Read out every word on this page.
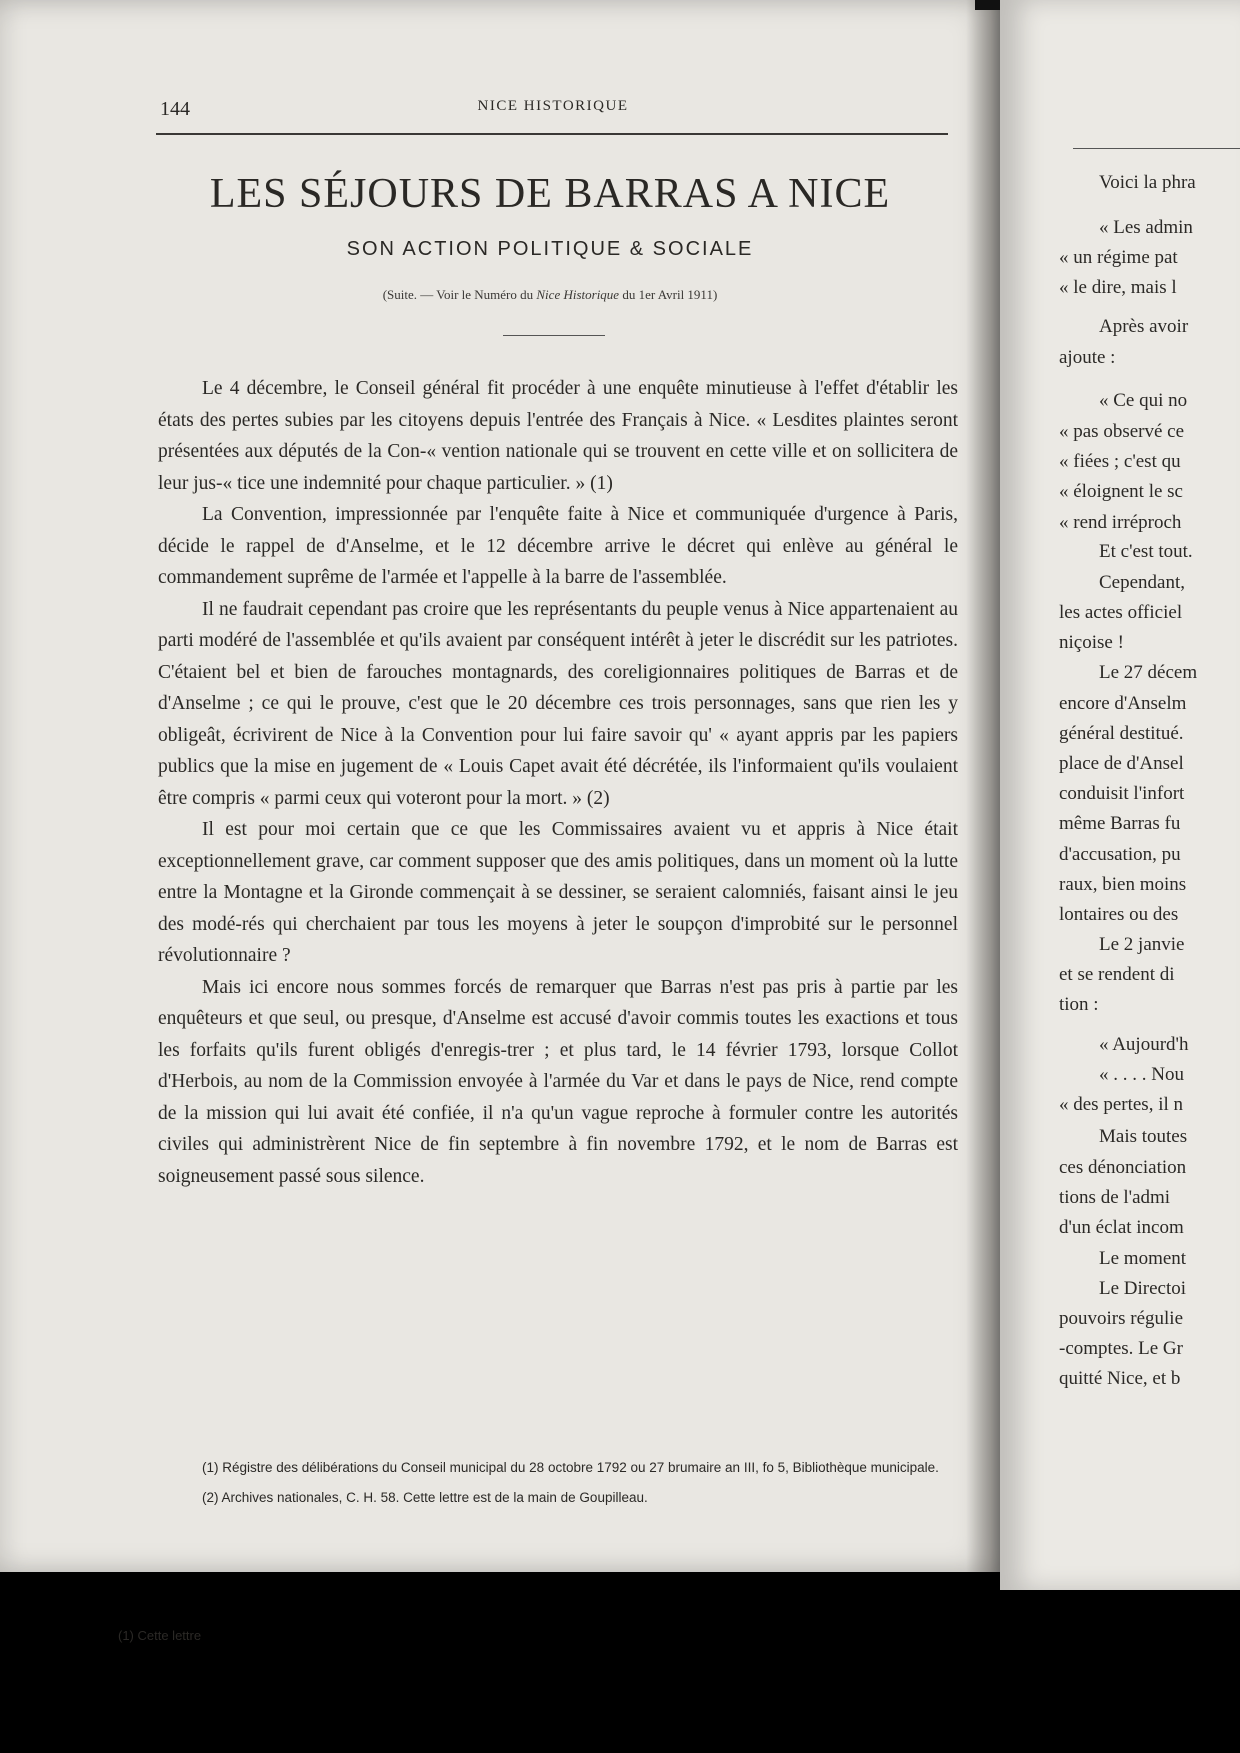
144	NICE HISTORIQUE
LES SÉJOURS DE BARRAS A NICE
SON ACTION POLITIQUE & SOCIALE
(Suite. — Voir le Numéro du Nice Historique du 1er Avril 1911)

Le 4 décembre, le Conseil général fit procéder à une enquête minutieuse à l'effet d'établir les états des pertes subies par les citoyens depuis l'entrée des Français à Nice. « Lesdites plaintes seront présentées aux députés de la Con-« vention nationale qui se trouvent en cette ville et on sollicitera de leur jus-« tice une indemnité pour chaque particulier. » (1)

La Convention, impressionnée par l'enquête faite à Nice et communiquée d'urgence à Paris, décide le rappel de d'Anselme, et le 12 décembre arrive le décret qui enlève au général le commandement suprême de l'armée et l'appelle à la barre de l'assemblée.

Il ne faudrait cependant pas croire que les représentants du peuple venus à Nice appartenaient au parti modéré de l'assemblée et qu'ils avaient par conséquent intérêt à jeter le discrédit sur les patriotes. C'étaient bel et bien de farouches montagnards, des coreligionnaires politiques de Barras et de d'Anselme ; ce qui le prouve, c'est que le 20 décembre ces trois personnages, sans que rien les y obligeât, écrivirent de Nice à la Convention pour lui faire savoir qu' « ayant appris par les papiers publics que la mise en jugement de « Louis Capet avait été décrétée, ils l'informaient qu'ils voulaient être compris « parmi ceux qui voteront pour la mort. » (2)

Il est pour moi certain que ce que les Commissaires avaient vu et appris à Nice était exceptionnellement grave, car comment supposer que des amis politiques, dans un moment où la lutte entre la Montagne et la Gironde commençait à se dessiner, se seraient calomniés, faisant ainsi le jeu des modé-rés qui cherchaient par tous les moyens à jeter le soupçon d'improbité sur le personnel révolutionnaire ?

Mais ici encore nous sommes forcés de remarquer que Barras n'est pas pris à partie par les enquêteurs et que seul, ou presque, d'Anselme est accusé d'avoir commis toutes les exactions et tous les forfaits qu'ils furent obligés d'enregis-trer ; et plus tard, le 14 février 1793, lorsque Collot d'Herbois, au nom de la Commission envoyée à l'armée du Var et dans le pays de Nice, rend compte de la mission qui lui avait été confiée, il n'a qu'un vague reproche à formuler contre les autorités civiles qui administrèrent Nice de fin septembre à fin novembre 1792, et le nom de Barras est soigneusement passé sous silence.

(1) Régistre des délibérations du Conseil municipal du 28 octobre 1792 ou 27 brumaire an III, fo 5, Bibliothèque municipale.

(2) Archives nationales, C. H. 58. Cette lettre est de la main de Goupilleau.

Voici la phra
« Les admin
« un régime pat
« le dire, mais l
Après avoir
ajoute :
« Ce qui no
« pas observé ce
« fiées ; c'est qu
« éloignent le sc
« rend irréproch
Et c'est tout.
Cependant,
les actes officiel
niçoise !
Le 27 décem
encore d'Anselm
général destitué.
place de d'Ansel
conduisit l'infort
même Barras fu
d'accusation, pu
raux, bien moins
lontaires ou des
Le 2 janvie
et se rendent di
tion :
« Aujourd'h
« . . . . Nou
« des pertes, il n
Mais toutes
ces dénonciation
tions de l'admi
d'un éclat incom
Le moment
Le Directoi
pouvoirs régulie
-comptes. Le Gr
quitté Nice, et b
(1) Cette lettre
